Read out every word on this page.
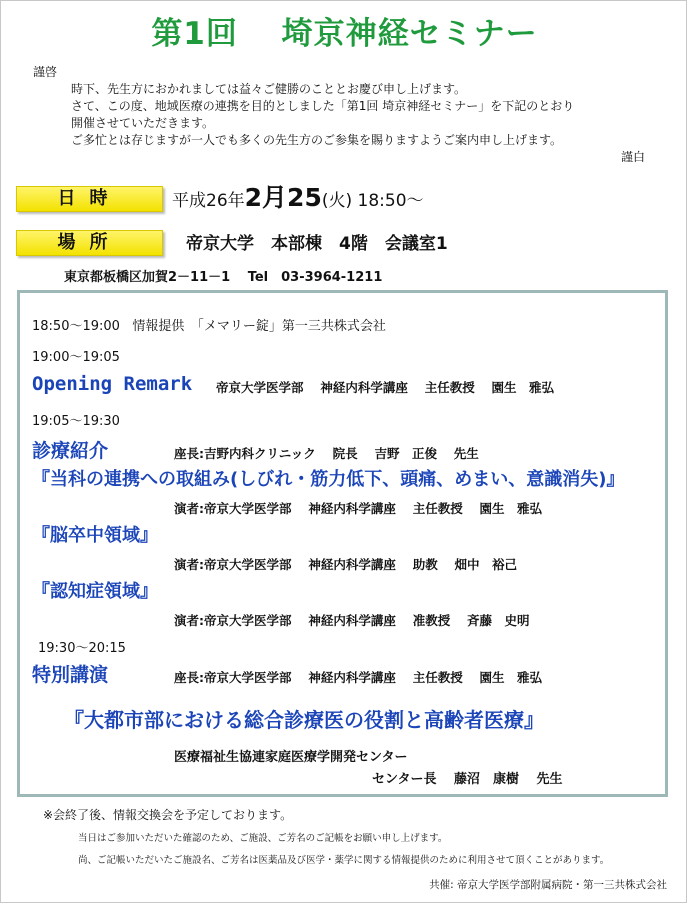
第1回　 埼京神経セミナー
謹啓
時下、先生方におかれましては益々ご健勝のこととお慶び申し上げます。
さて、この度、地域医療の連携を目的としました「第1回 埼京神経セミナー」を下記のとおり
開催させていただきます。
ご多忙とは存じますが一人でも多くの先生方のご参集を賜りますようご案内申し上げます。
謹白
日時	平成26年2月25(火) 18:50～
場所	帝京大学　本部棟　4階　会議室1
東京都板橋区加賀2－11－1　 Tel　03-3964-1211
18:50～19:00 情報提供　「メマリー錠」第一三共株式会社
19:00～19:05
Opening Remark 帝京大学医学部　 神経内科学講座　 主任教授　 園生　雅弘
19:05～19:30
診療紹介	座長:吉野内科クリニック　 院長　 吉野　正俊　 先生
『当科の連携への取組み(しびれ・筋力低下、頭痛、めまい、意識消失)』
演者:帝京大学医学部　 神経内科学講座　 主任教授　 園生　雅弘
『脳卒中領域』
演者:帝京大学医学部　 神経内科学講座　 助教　 畑中　裕己
『認知症領域』
演者:帝京大学医学部　 神経内科学講座　 准教授　 斉藤　史明
19:30～20:15
特別講演	座長:帝京大学医学部　 神経内科学講座　 主任教授　 園生　雅弘
『大都市部における総合診療医の役割と高齢者医療』
医療福祉生協連家庭医療学開発センター
センター長　 藤沼　康樹　 先生
※会終了後、情報交換会を予定しております。
当日はご参加いただいた確認のため、ご施設、ご芳名のご記帳をお願い申し上げます。
尚、ご記帳いただいたご施設名、ご芳名は医薬品及び医学・薬学に関する情報提供のために利用させて頂くことがあります。
共催: 帝京大学医学部附属病院・第一三共株式会社
